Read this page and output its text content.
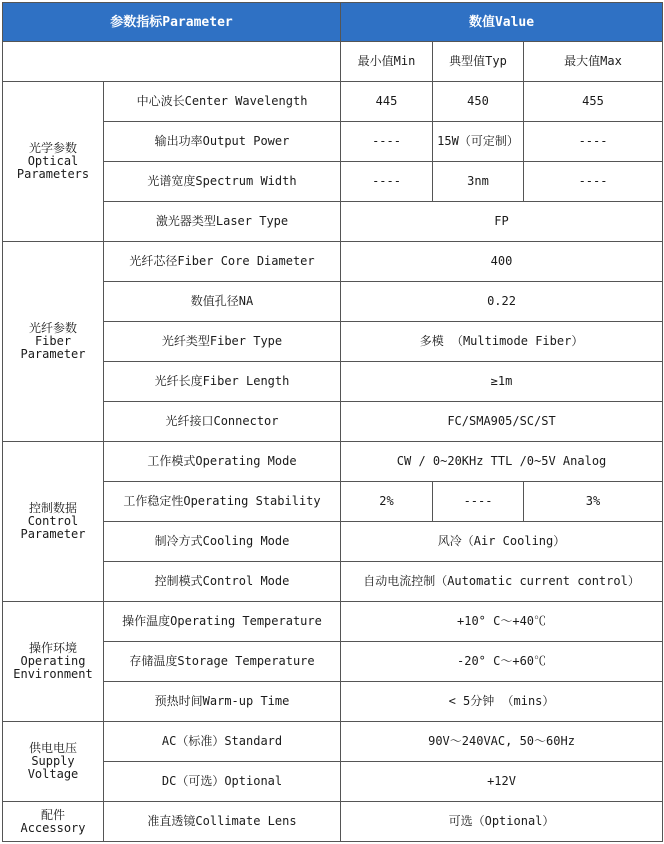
参数指标Parameter		数值Value		
		最小值Min	典型值Typ	最大值Max

光学参数
Optical
Parameters	中心波长Center Wavelength	445	450	455
	输出功率Output Power	----	15W（可定制）	----
	光谱宽度Spectrum Width	----	3nm	----
	激光器类型Laser Type	FP		

光纤参数
Fiber
Parameter	光纤芯径Fiber Core Diameter	400		
	数值孔径NA	0.22		
	光纤类型Fiber Type	多模 （Multimode Fiber）		
	光纤长度Fiber Length	≥1m		
	光纤接口Connector	FC/SMA905/SC/ST		

控制数据
Control
Parameter	工作模式Operating Mode	CW / 0~20KHz TTL /0~5V Analog		
	工作稳定性Operating Stability	2%	----	3%
	制冷方式Cooling Mode	风冷（Air Cooling）		
	控制模式Control Mode	自动电流控制（Automatic current control）		

操作环境
Operating
Environment	操作温度Operating Temperature	+10° C～+40℃		
	存储温度Storage Temperature	-20° C～+60℃		
	预热时间Warm-up Time	< 5分钟 （mins）		

供电电压
Supply
Voltage	AC（标准）Standard	90V～240VAC, 50～60Hz		
	DC（可选）Optional	+12V		

配件
Accessory	准直透镜Collimate Lens	可选（Optional）		
